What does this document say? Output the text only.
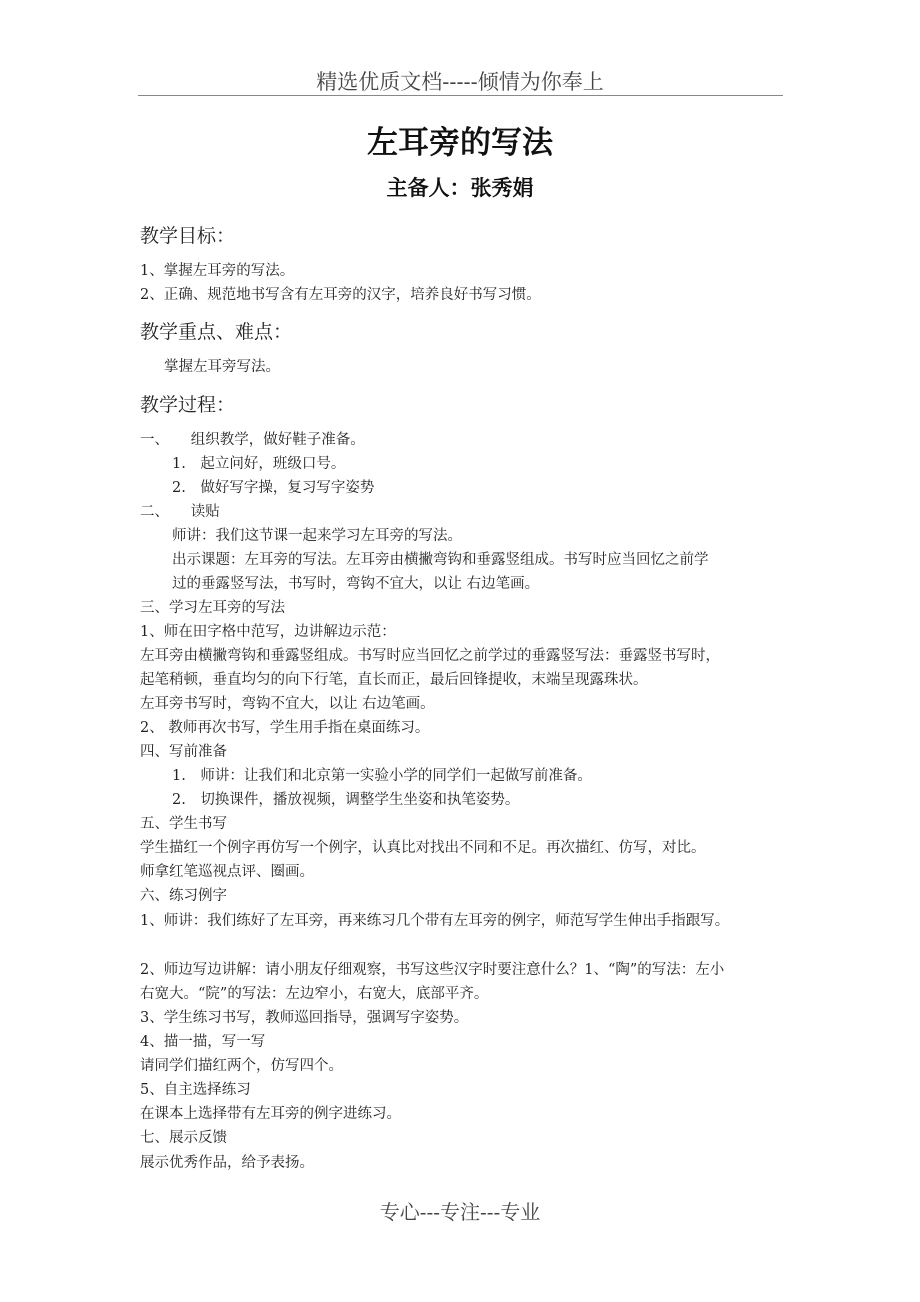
精选优质文档-----倾情为你奉上
左耳旁的写法
主备人：张秀娟
教学目标：
1、掌握左耳旁的写法。
2、正确、规范地书写含有左耳旁的汉字，培养良好书写习惯。
教学重点、难点：
掌握左耳旁写法。
教学过程：
一、　　组织教学，做好鞋子准备。
1.　起立问好，班级口号。
2.　做好写字操，复习写字姿势
二、　　读贴
师讲：我们这节课一起来学习左耳旁的写法。
出示课题：左耳旁的写法。左耳旁由横撇弯钩和垂露竖组成。书写时应当回忆之前学
过的垂露竖写法，书写时，弯钩不宜大，以让 右边笔画。
三、学习左耳旁的写法
1、师在田字格中范写，边讲解边示范：
左耳旁由横撇弯钩和垂露竖组成。书写时应当回忆之前学过的垂露竖写法：垂露竖书写时，
起笔稍顿，垂直均匀的向下行笔，直长而正，最后回锋提收，末端呈现露珠状。
左耳旁书写时，弯钩不宜大，以让 右边笔画。
2、 教师再次书写，学生用手指在桌面练习。
四、写前准备
1.　师讲：让我们和北京第一实验小学的同学们一起做写前准备。
2.　切换课件，播放视频，调整学生坐姿和执笔姿势。
五、学生书写
学生描红一个例字再仿写一个例字，认真比对找出不同和不足。再次描红、仿写，对比。
师拿红笔巡视点评、圈画。
六、练习例字
1、师讲：我们练好了左耳旁，再来练习几个带有左耳旁的例字，师范写学生伸出手指跟写。
2、师边写边讲解：请小朋友仔细观察，书写这些汉字时要注意什么？1、“陶”的写法：左小
右宽大。“院”的写法：左边窄小，右宽大，底部平齐。
3、学生练习书写，教师巡回指导，强调写字姿势。
4、描一描，写一写
请同学们描红两个，仿写四个。
5、自主选择练习
在课本上选择带有左耳旁的例字进练习。
七、展示反馈
展示优秀作品，给予表扬。
专心---专注---专业
